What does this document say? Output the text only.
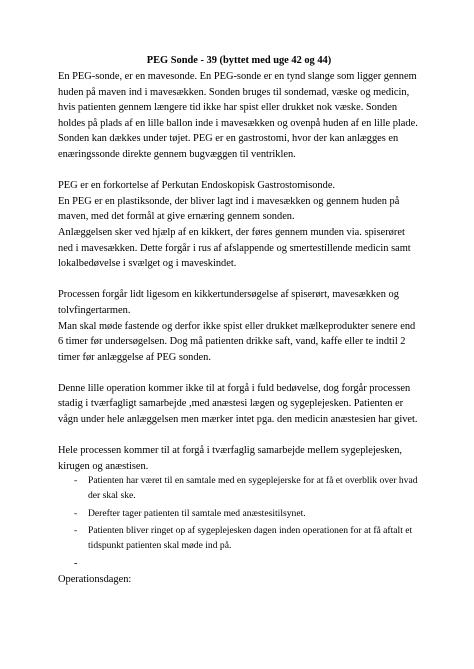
PEG Sonde - 39 (byttet med uge 42 og 44)

En PEG-sonde, er en mavesonde. En PEG-sonde er en tynd slange som ligger gennem huden på maven ind i mavesækken. Sonden bruges til sondemad, væske og medicin, hvis patienten gennem længere tid ikke har spist eller drukket nok væske. Sonden holdes på plads af en lille ballon inde i mavesækken og ovenpå huden af en lille plade. Sonden kan dækkes under tøjet. PEG er en gastrostomi, hvor der kan anlægges en enæringssonde direkte gennem bugvæggen til ventriklen.

PEG er en forkortelse af Perkutan Endoskopisk Gastrostomisonde.

En PEG er en plastiksonde, der bliver lagt ind i mavesækken og gennem huden på maven, med det formål at give ernæring gennem sonden.

Anlæggelsen sker ved hjælp af en kikkert, der føres gennem munden via. spiserøret ned i mavesækken. Dette forgår i rus af afslappende og smertestillende medicin samt lokalbedøvelse i svælget og i maveskindet.

Processen forgår lidt ligesom en kikkertundersøgelse af spiserørt, mavesækken og tolvfingertarmen.

Man skal møde fastende og derfor ikke spist eller drukket mælkeprodukter senere end 6 timer før undersøgelsen. Dog må patienten drikke saft, vand, kaffe eller te indtil 2 timer før anlæggelse af PEG sonden.

Denne lille operation kommer ikke til at forgå i fuld bedøvelse, dog forgår processen stadig i tværfagligt samarbejde ,med anæstesi lægen og sygeplejesken. Patienten er vågn under hele anlæggelsen men mærker intet pga. den medicin anæstesien har givet.

Hele processen kommer til at forgå i tværfaglig samarbejde mellem sygeplejesken, kirugen og anæstisen.

- Patienten har været til en samtale med en sygeplejerske for at få et overblik over hvad der skal ske.
- Derefter tager patienten til samtale med anæstesitilsynet.
- Patienten bliver ringet op af sygeplejesken dagen inden operationen for at få aftalt et tidspunkt patienten skal møde ind på.

-

Operationsdagen:
